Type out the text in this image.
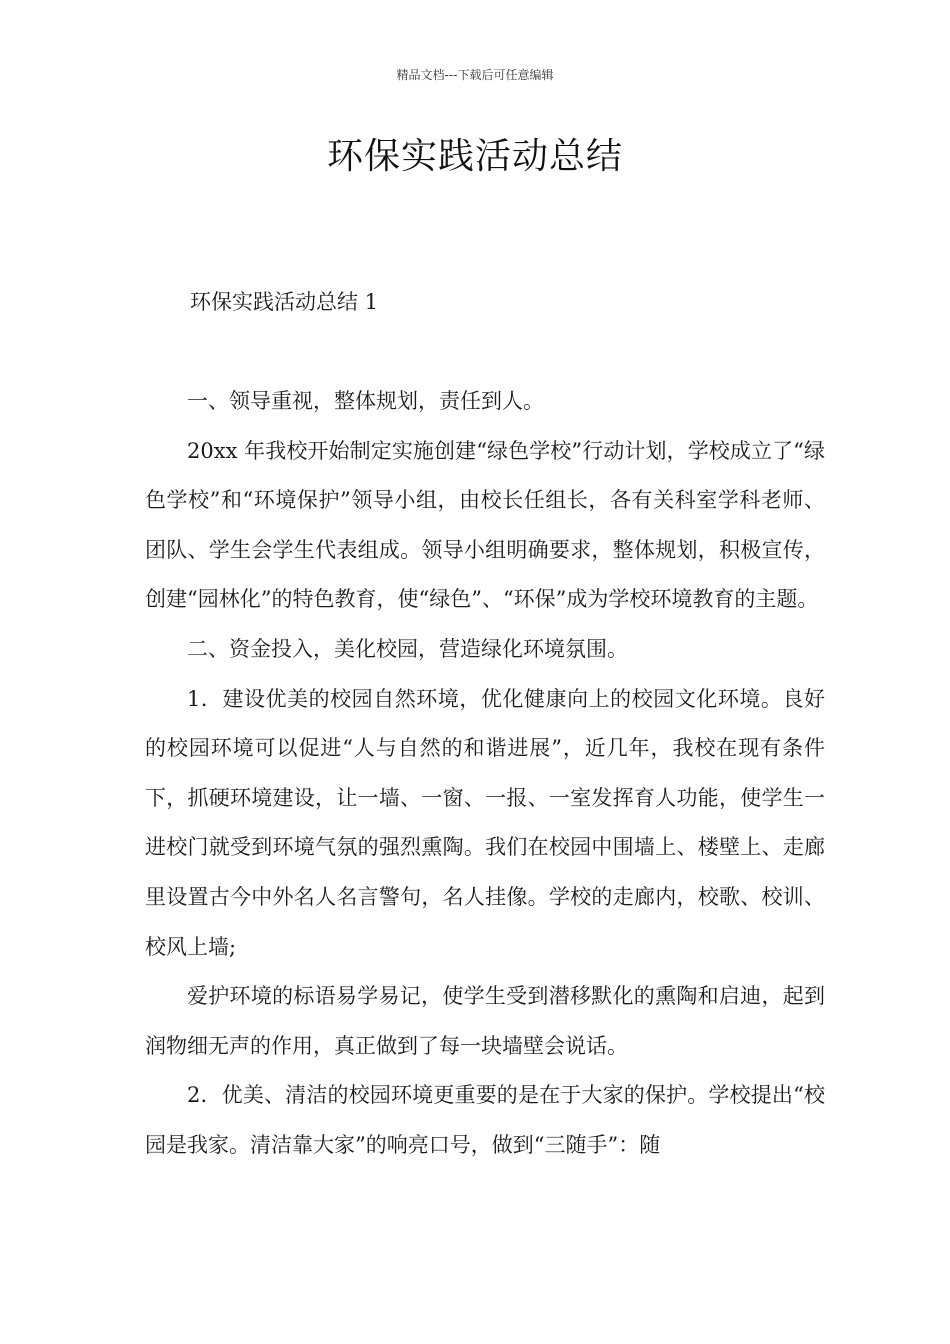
精品文档---下载后可任意编辑
环保实践活动总结
环保实践活动总结 1

一、领导重视，整体规划，责任到人。

20xx 年我校开始制定实施创建“绿色学校”行动计划，学校成立了“绿色学校”和“环境保护”领导小组，由校长任组长，各有关科室学科老师、团队、学生会学生代表组成。领导小组明确要求，整体规划，积极宣传，创建“园林化”的特色教育，使“绿色”、“环保”成为学校环境教育的主题。

二、资金投入，美化校园，营造绿化环境氛围。

1．建设优美的校园自然环境，优化健康向上的校园文化环境。良好的校园环境可以促进“人与自然的和谐进展”，近几年，我校在现有条件下，抓硬环境建设，让一墙、一窗、一报、一室发挥育人功能，使学生一进校门就受到环境气氛的强烈熏陶。我们在校园中围墙上、楼壁上、走廊里设置古今中外名人名言警句，名人挂像。学校的走廊内，校歌、校训、校风上墙;

爱护环境的标语易学易记，使学生受到潜移默化的熏陶和启迪，起到润物细无声的作用，真正做到了每一块墙壁会说话。

2．优美、清洁的校园环境更重要的是在于大家的保护。学校提出“校园是我家。清洁靠大家”的响亮口号，做到“三随手”：随
